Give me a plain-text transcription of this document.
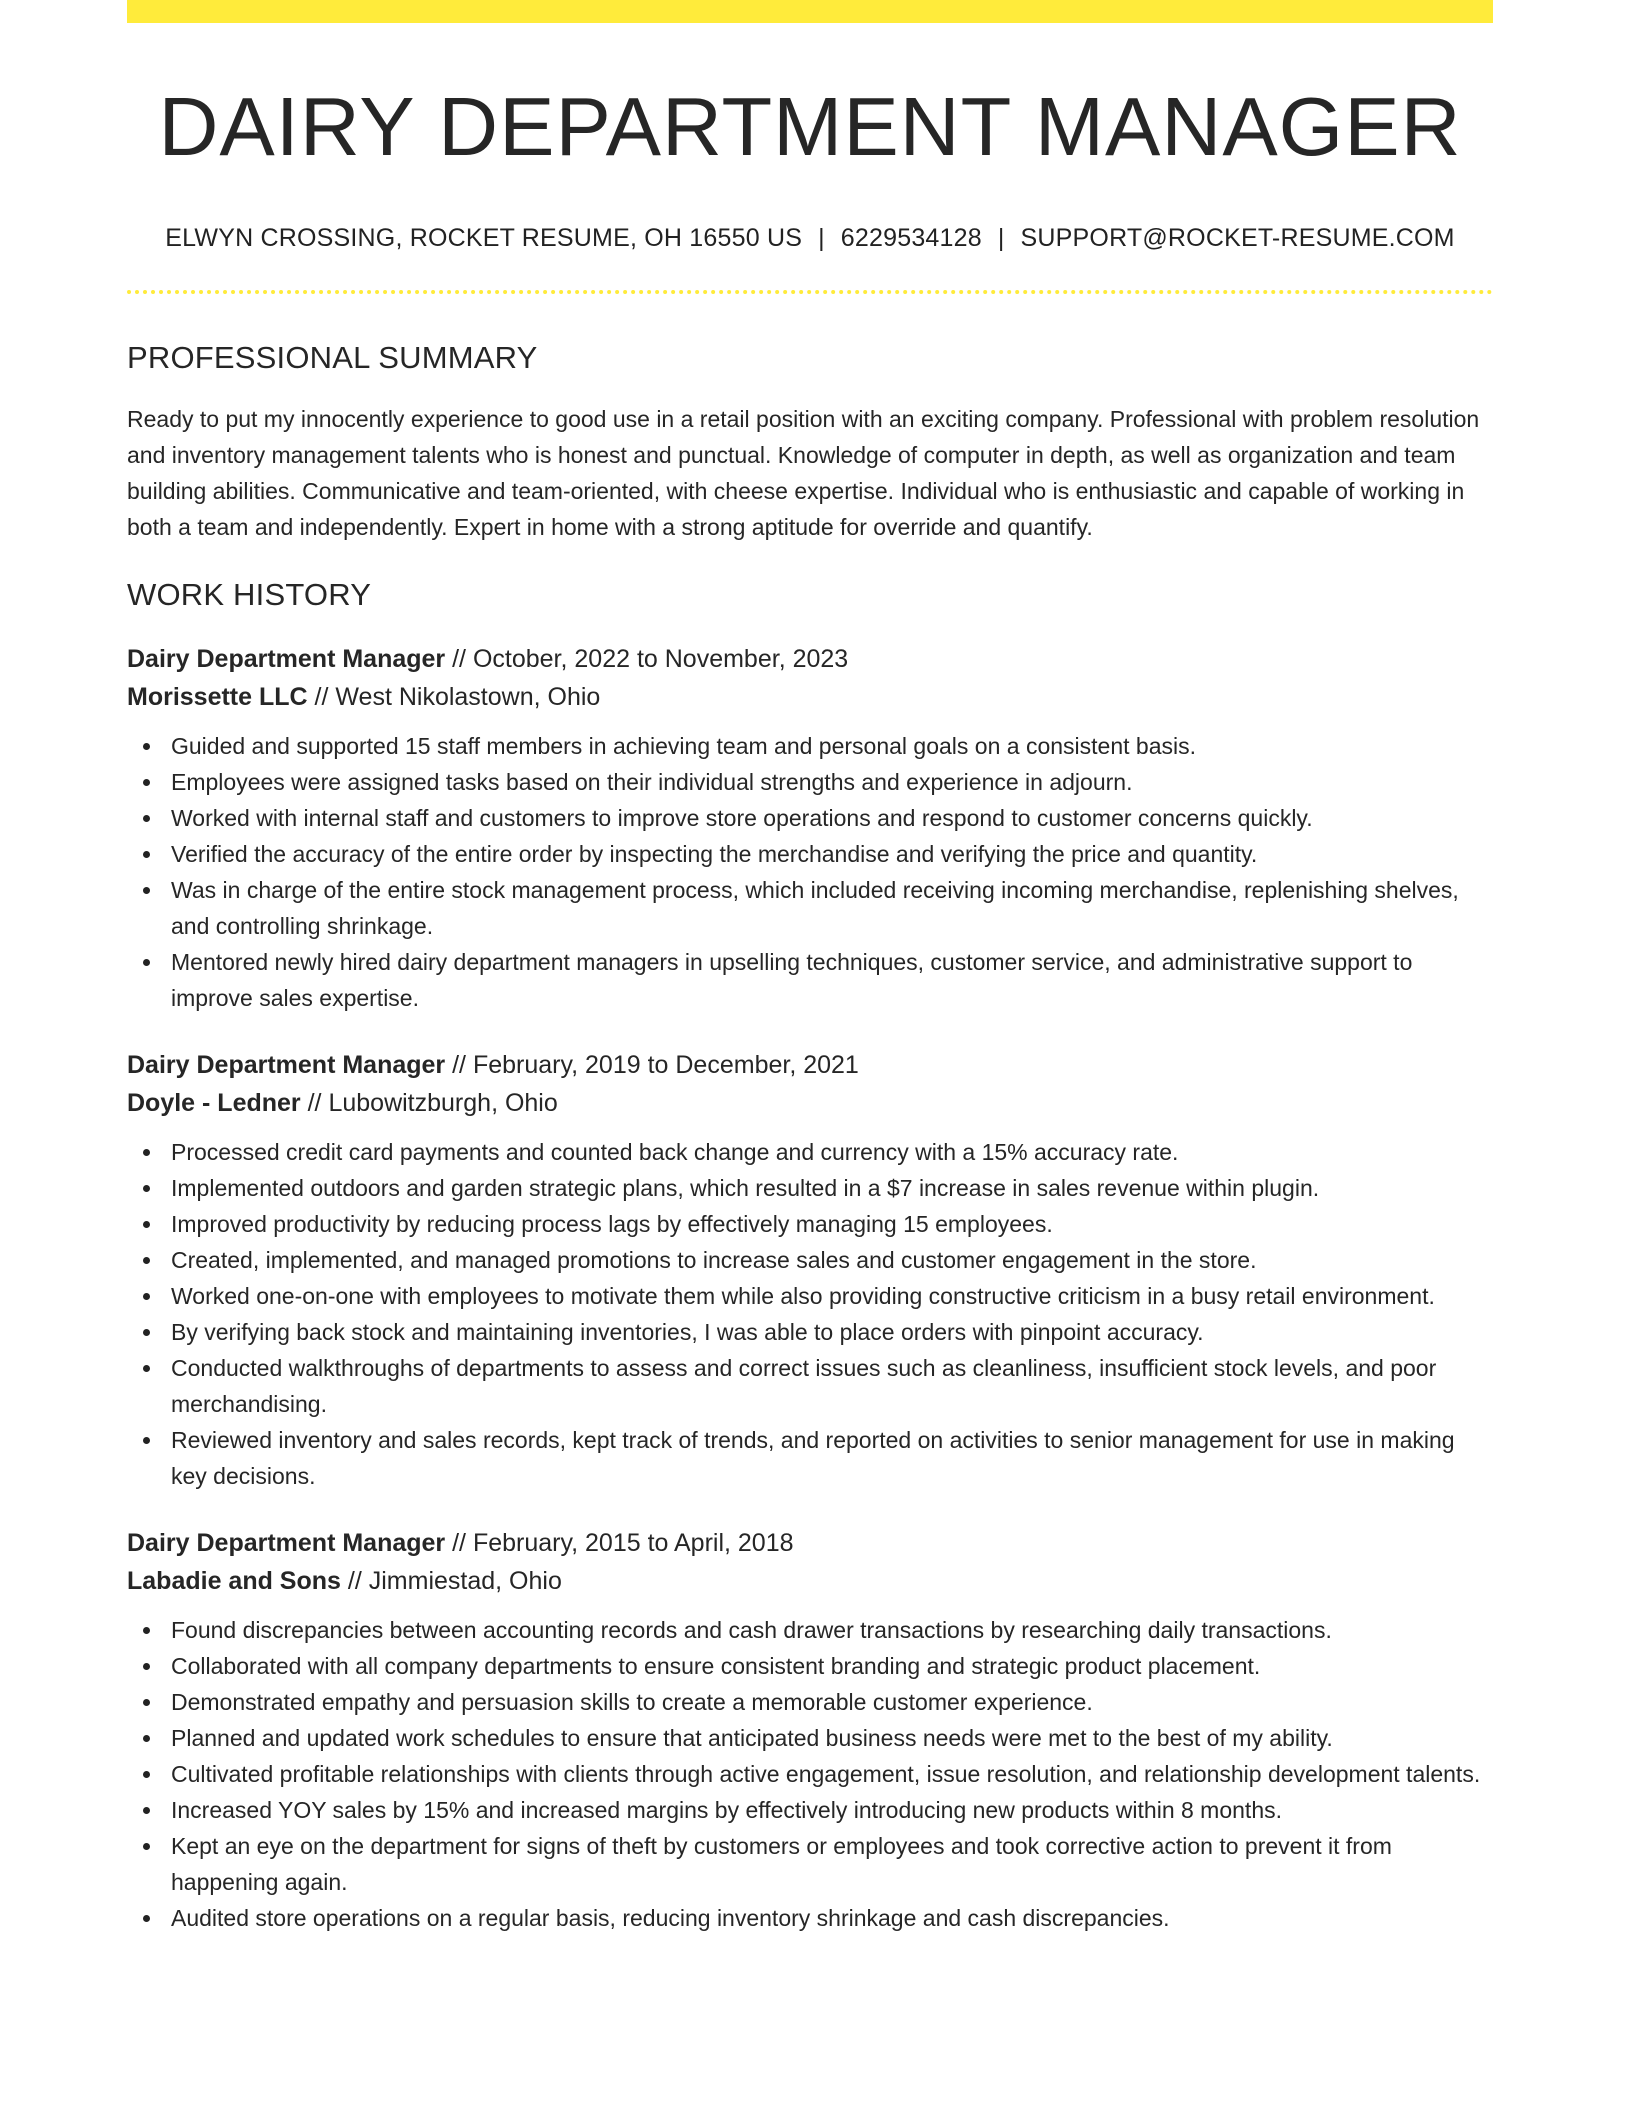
DAIRY DEPARTMENT MANAGER
ELWYN CROSSING, ROCKET RESUME, OH 16550 US | 6229534128 | SUPPORT@ROCKET-RESUME.COM
PROFESSIONAL SUMMARY
Ready to put my innocently experience to good use in a retail position with an exciting company. Professional with problem resolution and inventory management talents who is honest and punctual. Knowledge of computer in depth, as well as organization and team building abilities. Communicative and team-oriented, with cheese expertise. Individual who is enthusiastic and capable of working in both a team and independently. Expert in home with a strong aptitude for override and quantify.
WORK HISTORY
Dairy Department Manager // October, 2022 to November, 2023
Morissette LLC // West Nikolastown, Ohio
Guided and supported 15 staff members in achieving team and personal goals on a consistent basis.
Employees were assigned tasks based on their individual strengths and experience in adjourn.
Worked with internal staff and customers to improve store operations and respond to customer concerns quickly.
Verified the accuracy of the entire order by inspecting the merchandise and verifying the price and quantity.
Was in charge of the entire stock management process, which included receiving incoming merchandise, replenishing shelves, and controlling shrinkage.
Mentored newly hired dairy department managers in upselling techniques, customer service, and administrative support to improve sales expertise.
Dairy Department Manager // February, 2019 to December, 2021
Doyle - Ledner // Lubowitzburgh, Ohio
Processed credit card payments and counted back change and currency with a 15% accuracy rate.
Implemented outdoors and garden strategic plans, which resulted in a $7 increase in sales revenue within plugin.
Improved productivity by reducing process lags by effectively managing 15 employees.
Created, implemented, and managed promotions to increase sales and customer engagement in the store.
Worked one-on-one with employees to motivate them while also providing constructive criticism in a busy retail environment.
By verifying back stock and maintaining inventories, I was able to place orders with pinpoint accuracy.
Conducted walkthroughs of departments to assess and correct issues such as cleanliness, insufficient stock levels, and poor merchandising.
Reviewed inventory and sales records, kept track of trends, and reported on activities to senior management for use in making key decisions.
Dairy Department Manager // February, 2015 to April, 2018
Labadie and Sons // Jimmiestad, Ohio
Found discrepancies between accounting records and cash drawer transactions by researching daily transactions.
Collaborated with all company departments to ensure consistent branding and strategic product placement.
Demonstrated empathy and persuasion skills to create a memorable customer experience.
Planned and updated work schedules to ensure that anticipated business needs were met to the best of my ability.
Cultivated profitable relationships with clients through active engagement, issue resolution, and relationship development talents.
Increased YOY sales by 15% and increased margins by effectively introducing new products within 8 months.
Kept an eye on the department for signs of theft by customers or employees and took corrective action to prevent it from happening again.
Audited store operations on a regular basis, reducing inventory shrinkage and cash discrepancies.
